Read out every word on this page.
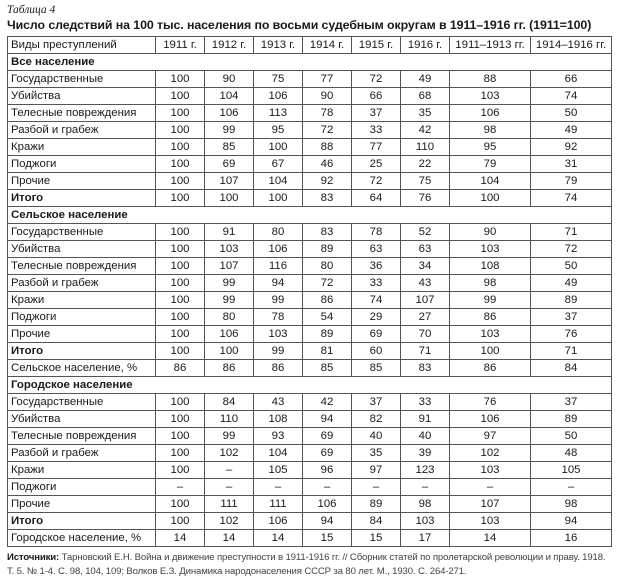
Таблица 4
Число следствий на 100 тыс. населения по восьми судебным округам в 1911–1916 гг. (1911=100)
Виды преступлений	1911 г.	1912 г.	1913 г.	1914 г.	1915 г.	1916 г.	1911–1913 гг.	1914–1916 гг.
Все население								
Государственные	100	90	75	77	72	49	88	66
Убийства	100	104	106	90	66	68	103	74
Телесные повреждения	100	106	113	78	37	35	106	50
Разбой и грабеж	100	99	95	72	33	42	98	49
Кражи	100	85	100	88	77	110	95	92
Поджоги	100	69	67	46	25	22	79	31
Прочие	100	107	104	92	72	75	104	79
Итого	100	100	100	83	64	76	100	74
Сельское население								
Государственные	100	91	80	83	78	52	90	71
Убийства	100	103	106	89	63	63	103	72
Телесные повреждения	100	107	116	80	36	34	108	50
Разбой и грабеж	100	99	94	72	33	43	98	49
Кражи	100	99	99	86	74	107	99	89
Поджоги	100	80	78	54	29	27	86	37
Прочие	100	106	103	89	69	70	103	76
Итого	100	100	99	81	60	71	100	71
Сельское население, %	86	86	86	85	85	83	86	84
Городское население								
Государственные	100	84	43	42	37	33	76	37
Убийства	100	110	108	94	82	91	106	89
Телесные повреждения	100	99	93	69	40	40	97	50
Разбой и грабеж	100	102	104	69	35	39	102	48
Кражи	100	–	105	96	97	123	103	105
Поджоги	–	–	–	–	–	–	–	–
Прочие	100	111	111	106	89	98	107	98
Итого	100	102	106	94	84	103	103	94
Городское население, %	14	14	14	15	15	17	14	16
Источники: Тарновский Е.Н. Война и движение преступности в 1911-1916 гг. // Сборник статей по пролетарской революции и праву. 1918. Т. 5. № 1-4. С. 98, 104, 109; Волков Е.З. Динамика народонаселения СССР за 80 лет. М., 1930. С. 264-271.
